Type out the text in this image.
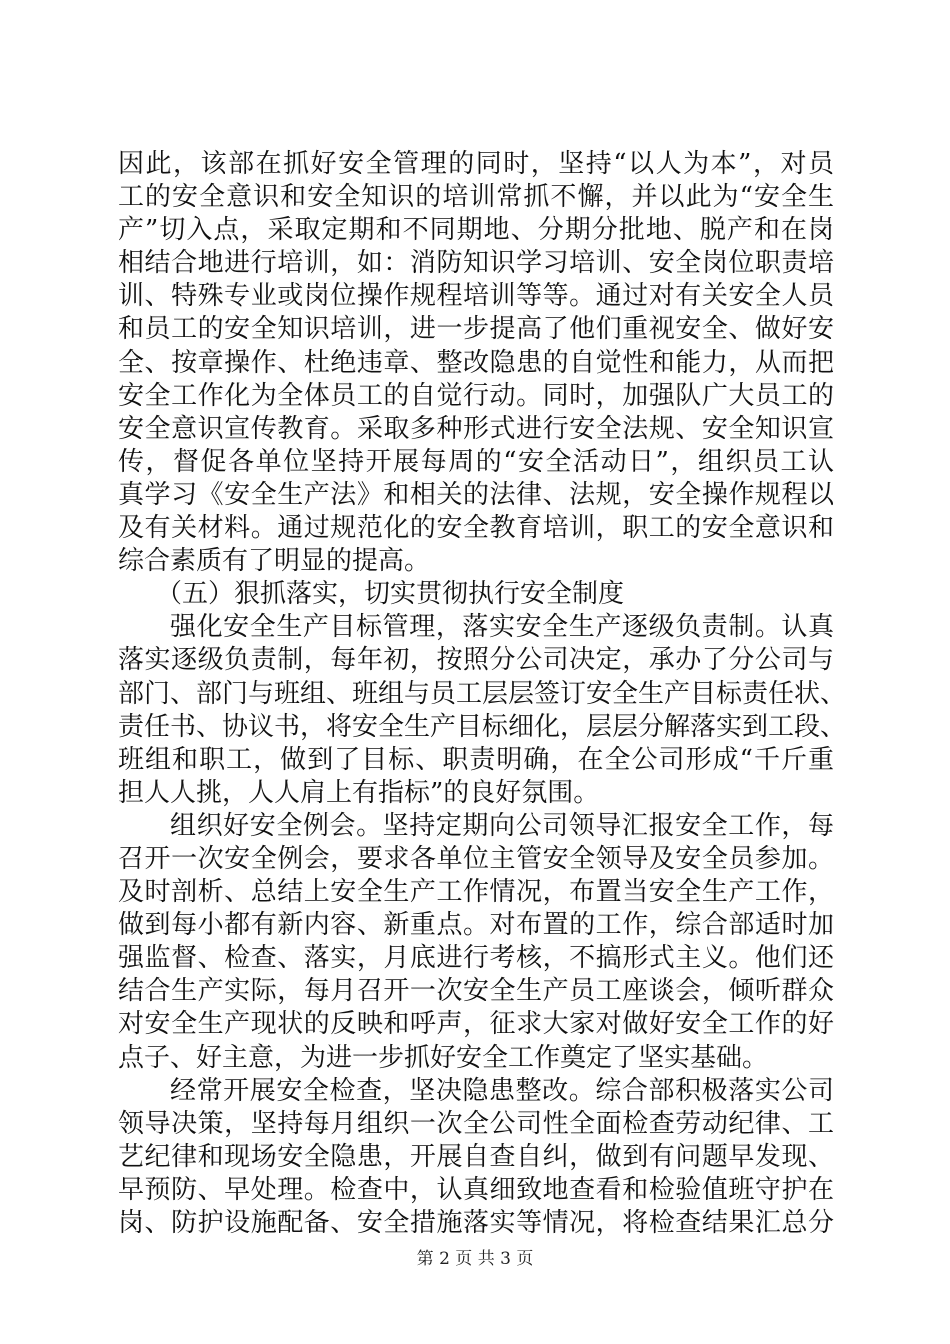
因此，该部在抓好安全管理的同时，坚持“以人为本”，对员
工的安全意识和安全知识的培训常抓不懈，并以此为“安全生
产”切入点，采取定期和不同期地、分期分批地、脱产和在岗
相结合地进行培训，如：消防知识学习培训、安全岗位职责培
训、特殊专业或岗位操作规程培训等等。通过对有关安全人员
和员工的安全知识培训，进一步提高了他们重视安全、做好安
全、按章操作、杜绝违章、整改隐患的自觉性和能力，从而把
安全工作化为全体员工的自觉行动。同时，加强队广大员工的
安全意识宣传教育。采取多种形式进行安全法规、安全知识宣
传，督促各单位坚持开展每周的“安全活动日”，组织员工认
真学习《安全生产法》和相关的法律、法规，安全操作规程以
及有关材料。通过规范化的安全教育培训，职工的安全意识和
综合素质有了明显的提高。
（五）狠抓落实，切实贯彻执行安全制度
强化安全生产目标管理，落实安全生产逐级负责制。认真
落实逐级负责制，每年初，按照分公司决定，承办了分公司与
部门、部门与班组、班组与员工层层签订安全生产目标责任状、
责任书、协议书，将安全生产目标细化，层层分解落实到工段、
班组和职工，做到了目标、职责明确，在全公司形成“千斤重
担人人挑，人人肩上有指标”的良好氛围。
组织好安全例会。坚持定期向公司领导汇报安全工作，每
召开一次安全例会，要求各单位主管安全领导及安全员参加。
及时剖析、总结上安全生产工作情况，布置当安全生产工作，
做到每小都有新内容、新重点。对布置的工作，综合部适时加
强监督、检查、落实，月底进行考核，不搞形式主义。他们还
结合生产实际，每月召开一次安全生产员工座谈会，倾听群众
对安全生产现状的反映和呼声，征求大家对做好安全工作的好
点子、好主意，为进一步抓好安全工作奠定了坚实基础。
经常开展安全检查，坚决隐患整改。综合部积极落实公司
领导决策，坚持每月组织一次全公司性全面检查劳动纪律、工
艺纪律和现场安全隐患，开展自查自纠，做到有问题早发现、
早预防、早处理。检查中，认真细致地查看和检验值班守护在
岗、防护设施配备、安全措施落实等情况，将检查结果汇总分
第 2 页 共 3 页
